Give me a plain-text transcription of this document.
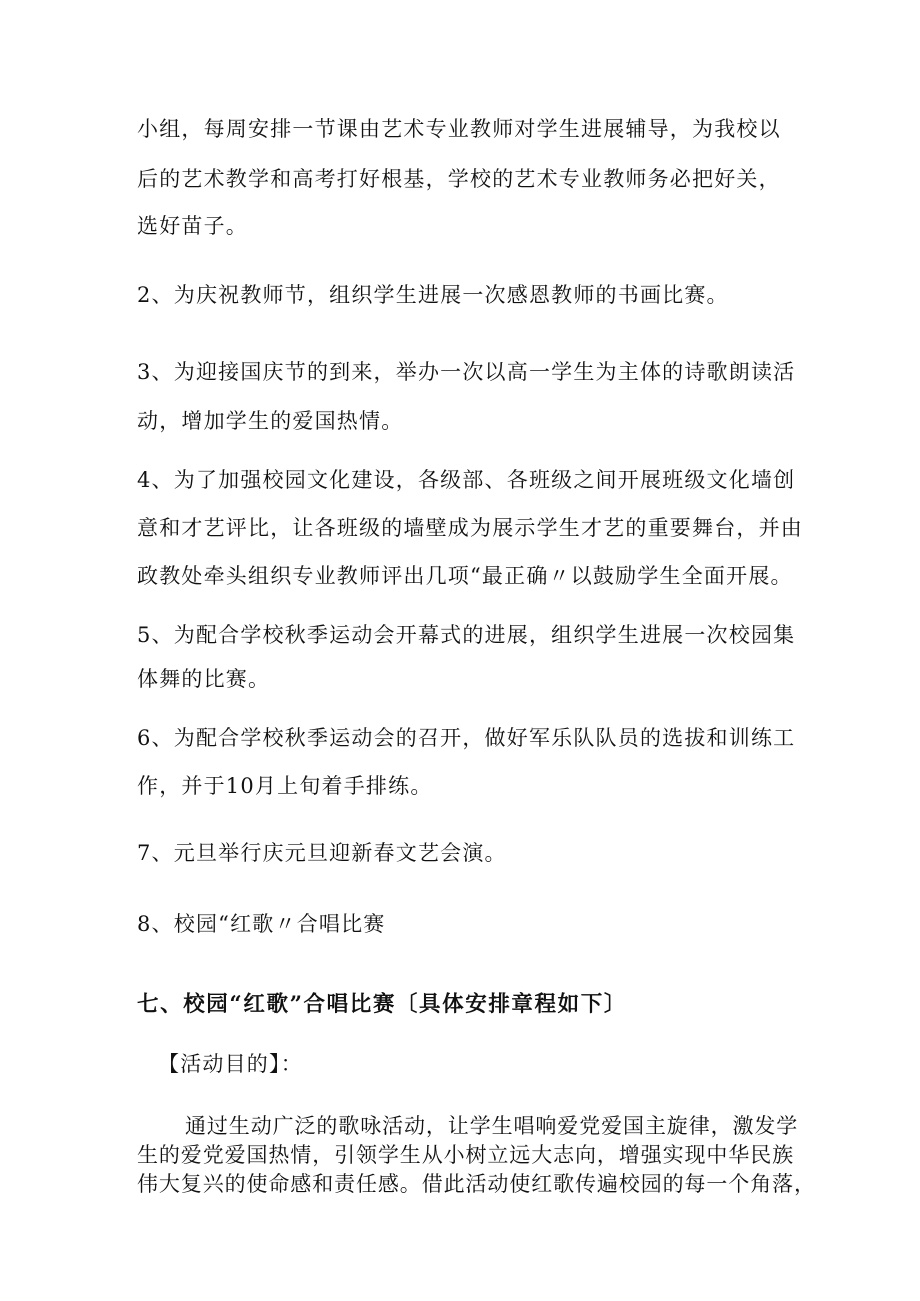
小组，每周安排一节课由艺术专业教师对学生进展辅导，为我校以
后的艺术教学和高考打好根基，学校的艺术专业教师务必把好关，
选好苗子。
2、为庆祝教师节，组织学生进展一次感恩教师的书画比赛。
3、为迎接国庆节的到来，举办一次以高一学生为主体的诗歌朗读活
动，增加学生的爱国热情。
4、为了加强校园文化建设，各级部、各班级之间开展班级文化墙创
意和才艺评比，让各班级的墙壁成为展示学生才艺的重要舞台，并由
政教处牵头组织专业教师评出几项“最正确〃以鼓励学生全面开展。
5、为配合学校秋季运动会开幕式的进展，组织学生进展一次校园集
体舞的比赛。
6、为配合学校秋季运动会的召开，做好军乐队队员的选拔和训练工
作，并于10月上旬着手排练。
7、元旦举行庆元旦迎新春文艺会演。
8、校园“红歌〃合唱比赛
七、校园“红歌”合唱比赛〔具体安排章程如下〕
【活动目的】：
通过生动广泛的歌咏活动，让学生唱响爱党爱国主旋律，激发学
生的爱党爱国热情，引领学生从小树立远大志向，增强实现中华民族
伟大复兴的使命感和责任感。借此活动使红歌传遍校园的每一个角落，
